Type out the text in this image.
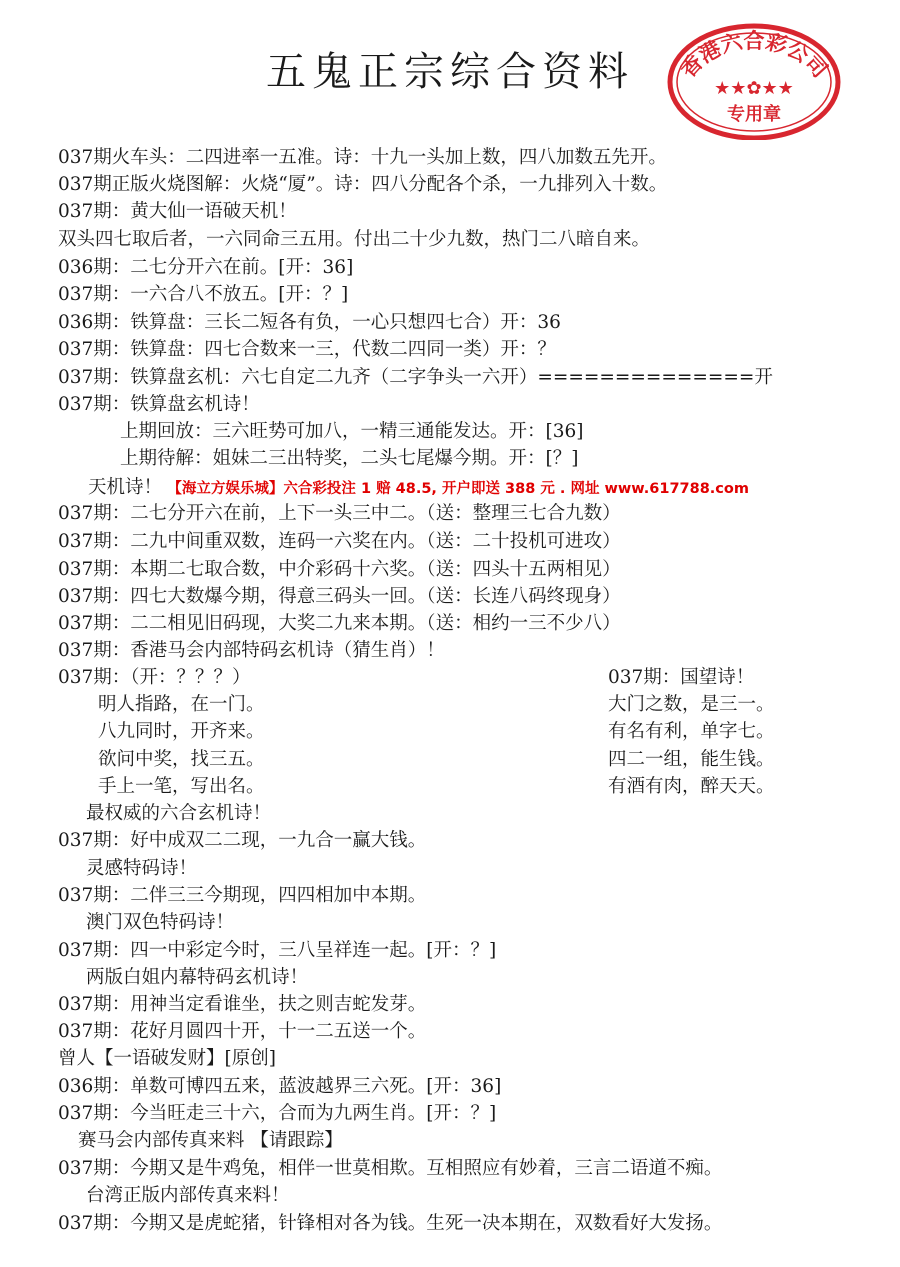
五鬼正宗综合资料	香港六合彩公司
★★✿★★
专用章
037期火车头：二四进率一五准。诗：十九一头加上数，四八加数五先开。
037期正版火烧图解：火烧“厦”。诗：四八分配各个杀，一九排列入十数。
037期：黄大仙一语破天机！
双头四七取后者，一六同命三五用。付出二十少九数，热门二八暗自来。
036期：二七分开六在前。[开：36]
037期：一六合八不放五。[开：？]
036期：铁算盘：三长二短各有负，一心只想四七合）开：36
037期：铁算盘：四七合数来一三，代数二四同一类）开：？
037期：铁算盘玄机：六七自定二九齐（二字争头一六开）==============开
037期：铁算盘玄机诗！
上期回放：三六旺势可加八，一精三通能发达。开：[36]
上期待解：姐妹二三出特奖，二头七尾爆今期。开：[？]
天机诗！ 【海立方娱乐城】六合彩投注 1 赔 48.5, 开户即送 388 元 . 网址 www.617788.com
037期：二七分开六在前，上下一头三中二。（送：整理三七合九数）
037期：二九中间重双数，连码一六奖在内。（送：二十投机可进攻）
037期：本期二七取合数，中介彩码十六奖。（送：四头十五两相见）
037期：四七大数爆今期，得意三码头一回。（送：长连八码终现身）
037期：二二相见旧码现，大奖二九来本期。（送：相约一三不少八）
037期：香港马会内部特码玄机诗（猜生肖）！
037期：（开：？？？）
明人指路，在一门。
八九同时，开齐来。
欲问中奖，找三五。
手上一笔，写出名。
037期：国望诗！
大门之数，是三一。
有名有利，单字七。
四二一组，能生钱。
有酒有肉，醉天天。
最权威的六合玄机诗！
037期：好中成双二二现，一九合一赢大钱。
灵感特码诗！
037期：二伴三三今期现，四四相加中本期。
澳门双色特码诗！
037期：四一中彩定今时，三八呈祥连一起。[开：？]
两版白姐内幕特码玄机诗！
037期：用神当定看谁坐，扶之则吉蛇发芽。
037期：花好月圆四十开，十一二五送一个。
曾人【一语破发财】[原创]
036期：单数可博四五来，蓝波越界三六死。[开：36]
037期：今当旺走三十六，合而为九两生肖。[开：？]
赛马会内部传真来料 【请跟踪】
037期：今期又是牛鸡兔，相伴一世莫相欺。互相照应有妙着，三言二语道不痴。
台湾正版内部传真来料！
037期：今期又是虎蛇猪，针锋相对各为钱。生死一决本期在，双数看好大发扬。
